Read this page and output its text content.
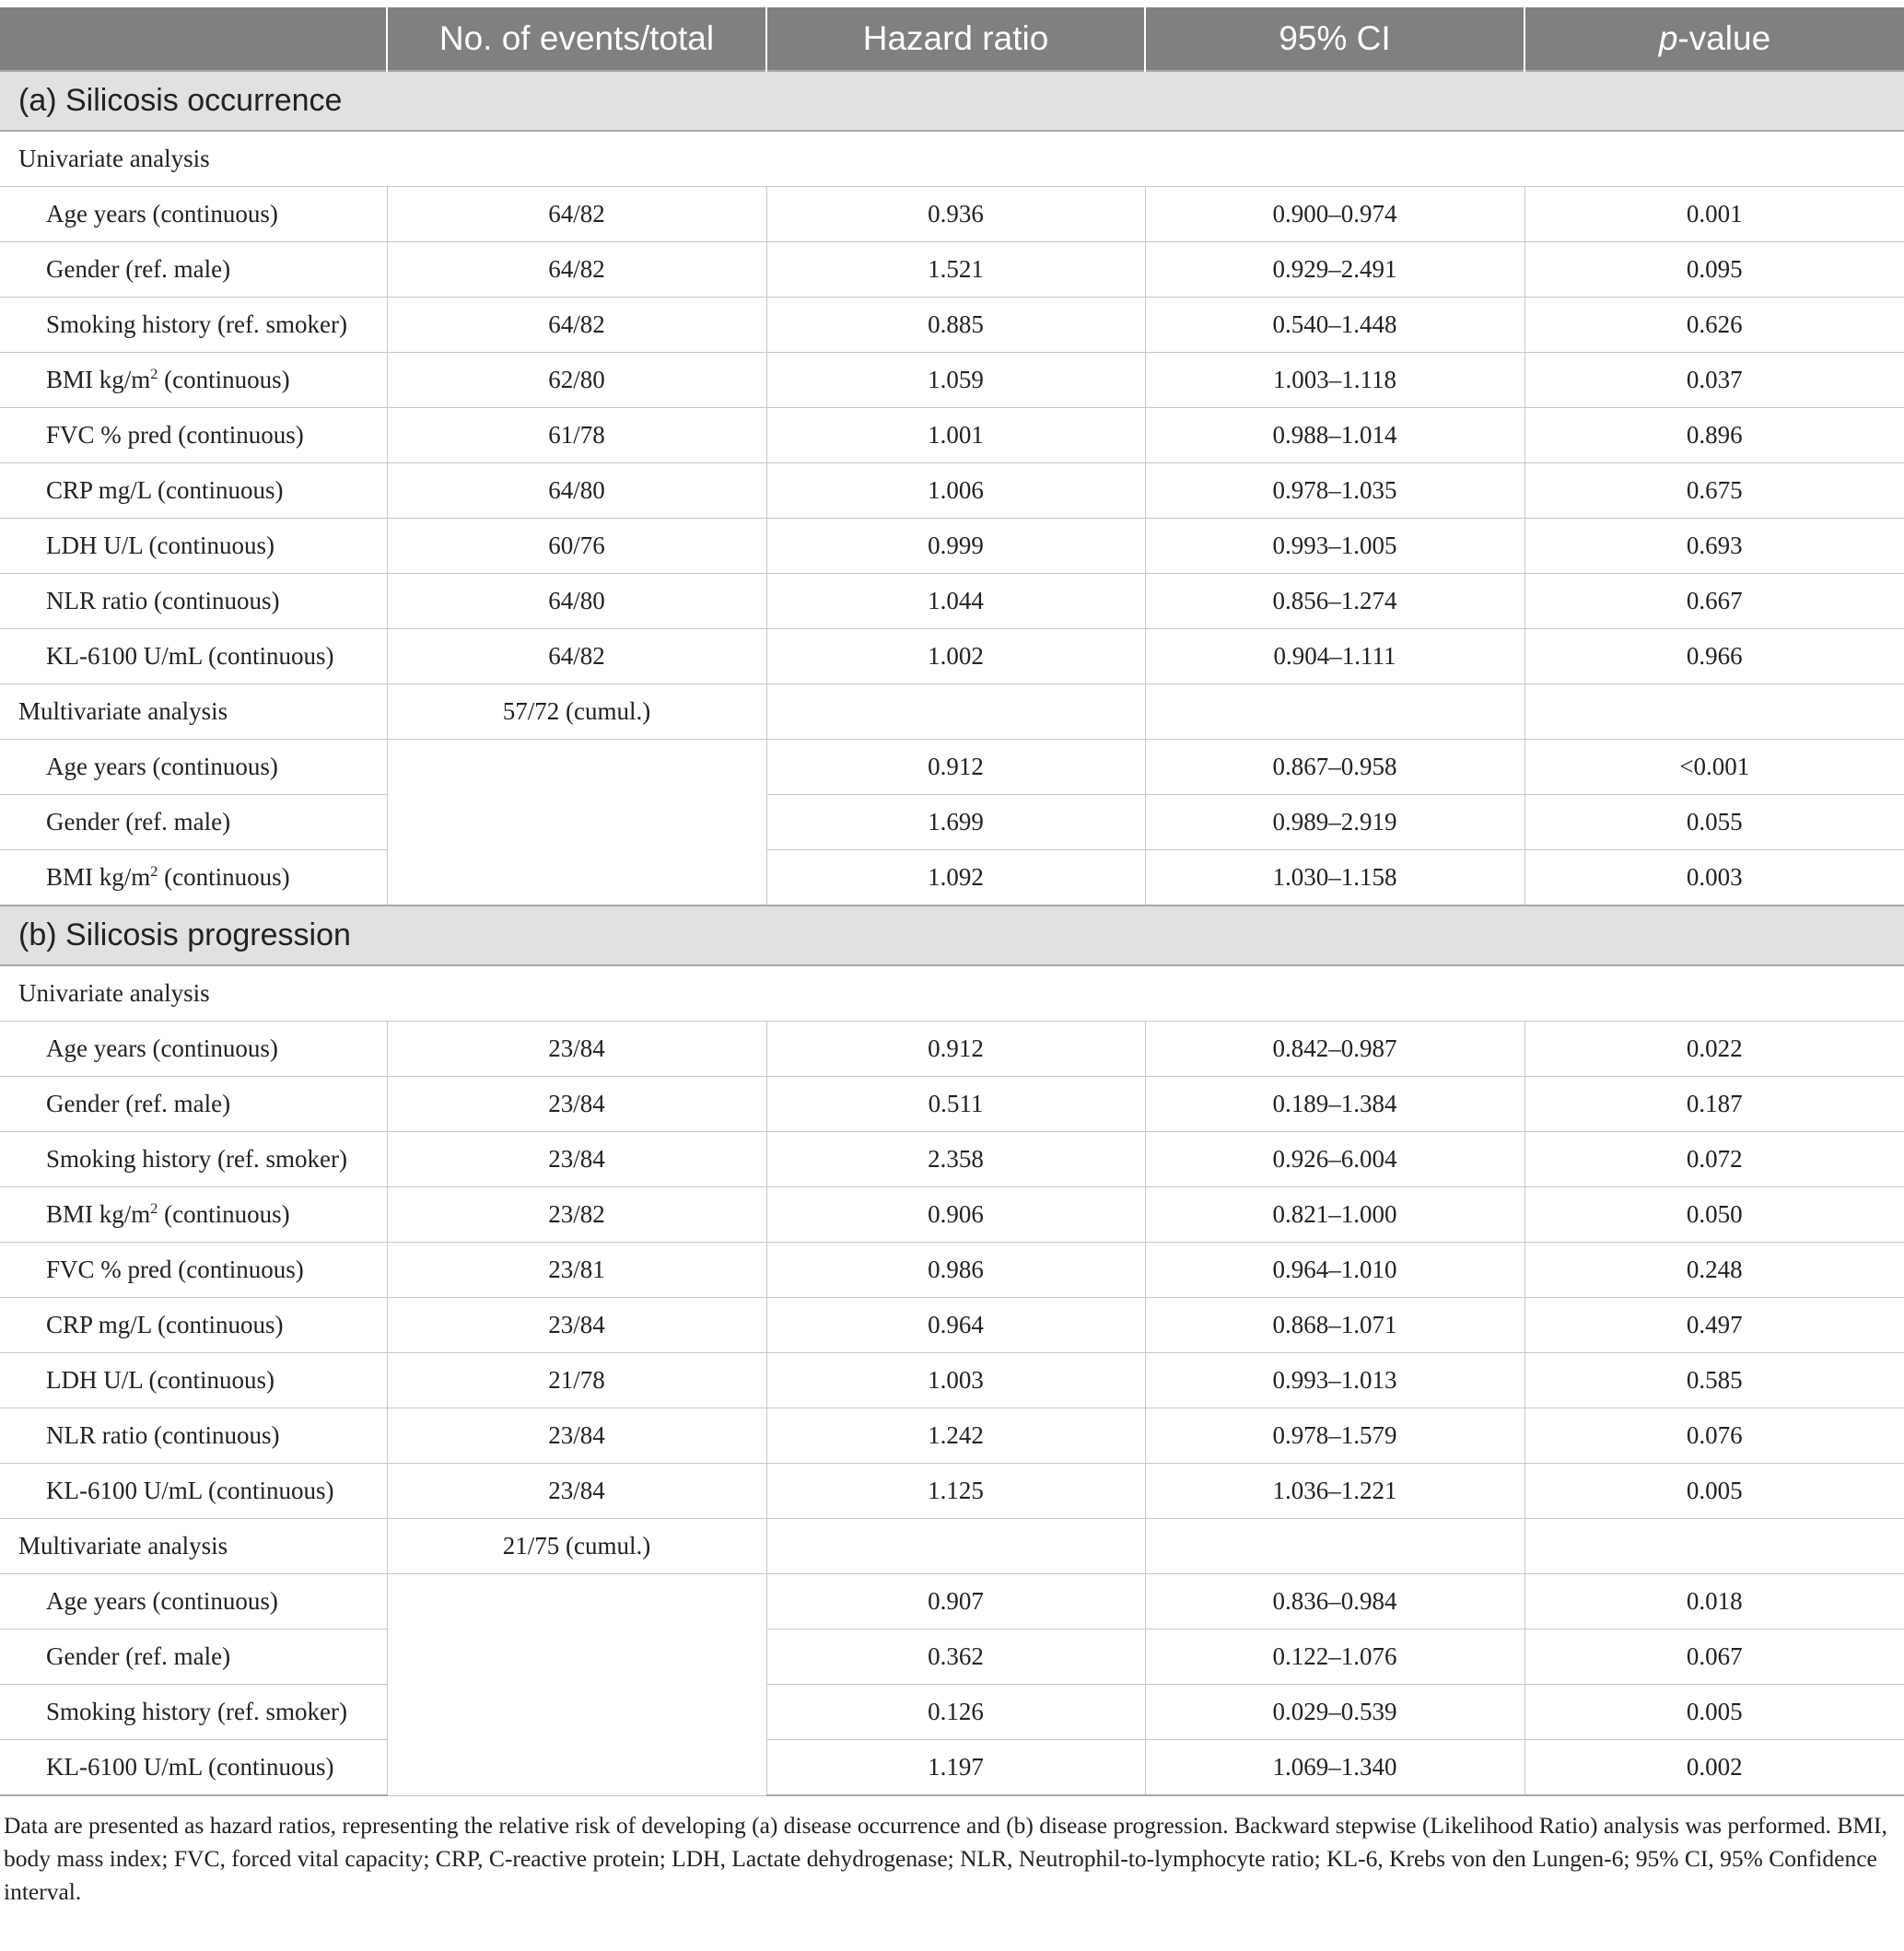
	No. of events/total	Hazard ratio	95% CI	p-value
(a) Silicosis occurrence				
Univariate analysis				
Age years (continuous)	64/82	0.936	0.900–0.974	0.001
Gender (ref. male)	64/82	1.521	0.929–2.491	0.095
Smoking history (ref. smoker)	64/82	0.885	0.540–1.448	0.626
BMI $kg/m^2$ (continuous)	62/80	1.059	1.003–1.118	0.037
FVC % pred (continuous)	61/78	1.001	0.988–1.014	0.896
CRP mg/L (continuous)	64/80	1.006	0.978–1.035	0.675
LDH U/L (continuous)	60/76	0.999	0.993–1.005	0.693
NLR ratio (continuous)	64/80	1.044	0.856–1.274	0.667
KL-6100 U/mL (continuous)	64/82	1.002	0.904–1.111	0.966
Multivariate analysis	57/72 (cumul.)			
Age years (continuous)		0.912	0.867–0.958	<0.001
Gender (ref. male)		1.699	0.989–2.919	0.055
BMI $kg/m^2$ (continuous)		1.092	1.030–1.158	0.003
(b) Silicosis progression				
Univariate analysis				
Age years (continuous)	23/84	0.912	0.842–0.987	0.022
Gender (ref. male)	23/84	0.511	0.189–1.384	0.187
Smoking history (ref. smoker)	23/84	2.358	0.926–6.004	0.072
BMI $kg/m^2$ (continuous)	23/82	0.906	0.821–1.000	0.050
FVC % pred (continuous)	23/81	0.986	0.964–1.010	0.248
CRP mg/L (continuous)	23/84	0.964	0.868–1.071	0.497
LDH U/L (continuous)	21/78	1.003	0.993–1.013	0.585
NLR ratio (continuous)	23/84	1.242	0.978–1.579	0.076
KL-6100 U/mL (continuous)	23/84	1.125	1.036–1.221	0.005
Multivariate analysis	21/75 (cumul.)			
Age years (continuous)		0.907	0.836–0.984	0.018
Gender (ref. male)		0.362	0.122–1.076	0.067
Smoking history (ref. smoker)		0.126	0.029–0.539	0.005
KL-6100 U/mL (continuous)		1.197	1.069–1.340	0.002

Data are presented as hazard ratios, representing the relative risk of developing (a) disease occurrence and (b) disease progression. Backward stepwise (Likelihood Ratio) analysis was performed. BMI, body mass index; FVC, forced vital capacity; CRP, C-reactive protein; LDH, Lactate dehydrogenase; NLR, Neutrophil-to-lymphocyte ratio; KL-6, Krebs von den Lungen-6; 95% CI, 95% Confidence interval.
